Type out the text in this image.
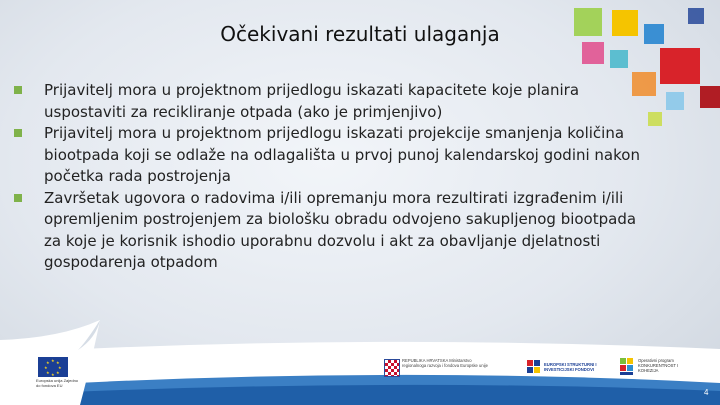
Očekivani rezultati ulaganja
Prijavitelj mora u projektnom prijedlogu iskazati kapacitete koje planira uspostaviti za recikliranje otpada (ako je primjenjivo)
Prijavitelj mora u projektnom prijedlogu iskazati projekcije smanjenja količina biootpada koji se odlaže na odlagališta u prvoj punoj kalendarskoj godini nakon početka rada postrojenja
Završetak ugovora o radovima i/ili opremanju mora rezultirati izgrađenim i/ili opremljenim postrojenjem za biološku obradu odvojeno sakupljenog biootpada za koje je korisnik ishodio uporabnu dozvolu i akt za obavljanje djelatnosti gospodarenja otpadom
★ ★
★
★
★
★
★
★
Europska unija Zajedno do fondova EU
REPUBLIKA HRVATSKA Ministarstvo regionalnoga razvoja i fondova Europske unije	EUROPSKI STRUKTURNI I INVESTICIJSKI FONDOVI
Operativni program KONKURENTNOST I KOHEZIJA
4
